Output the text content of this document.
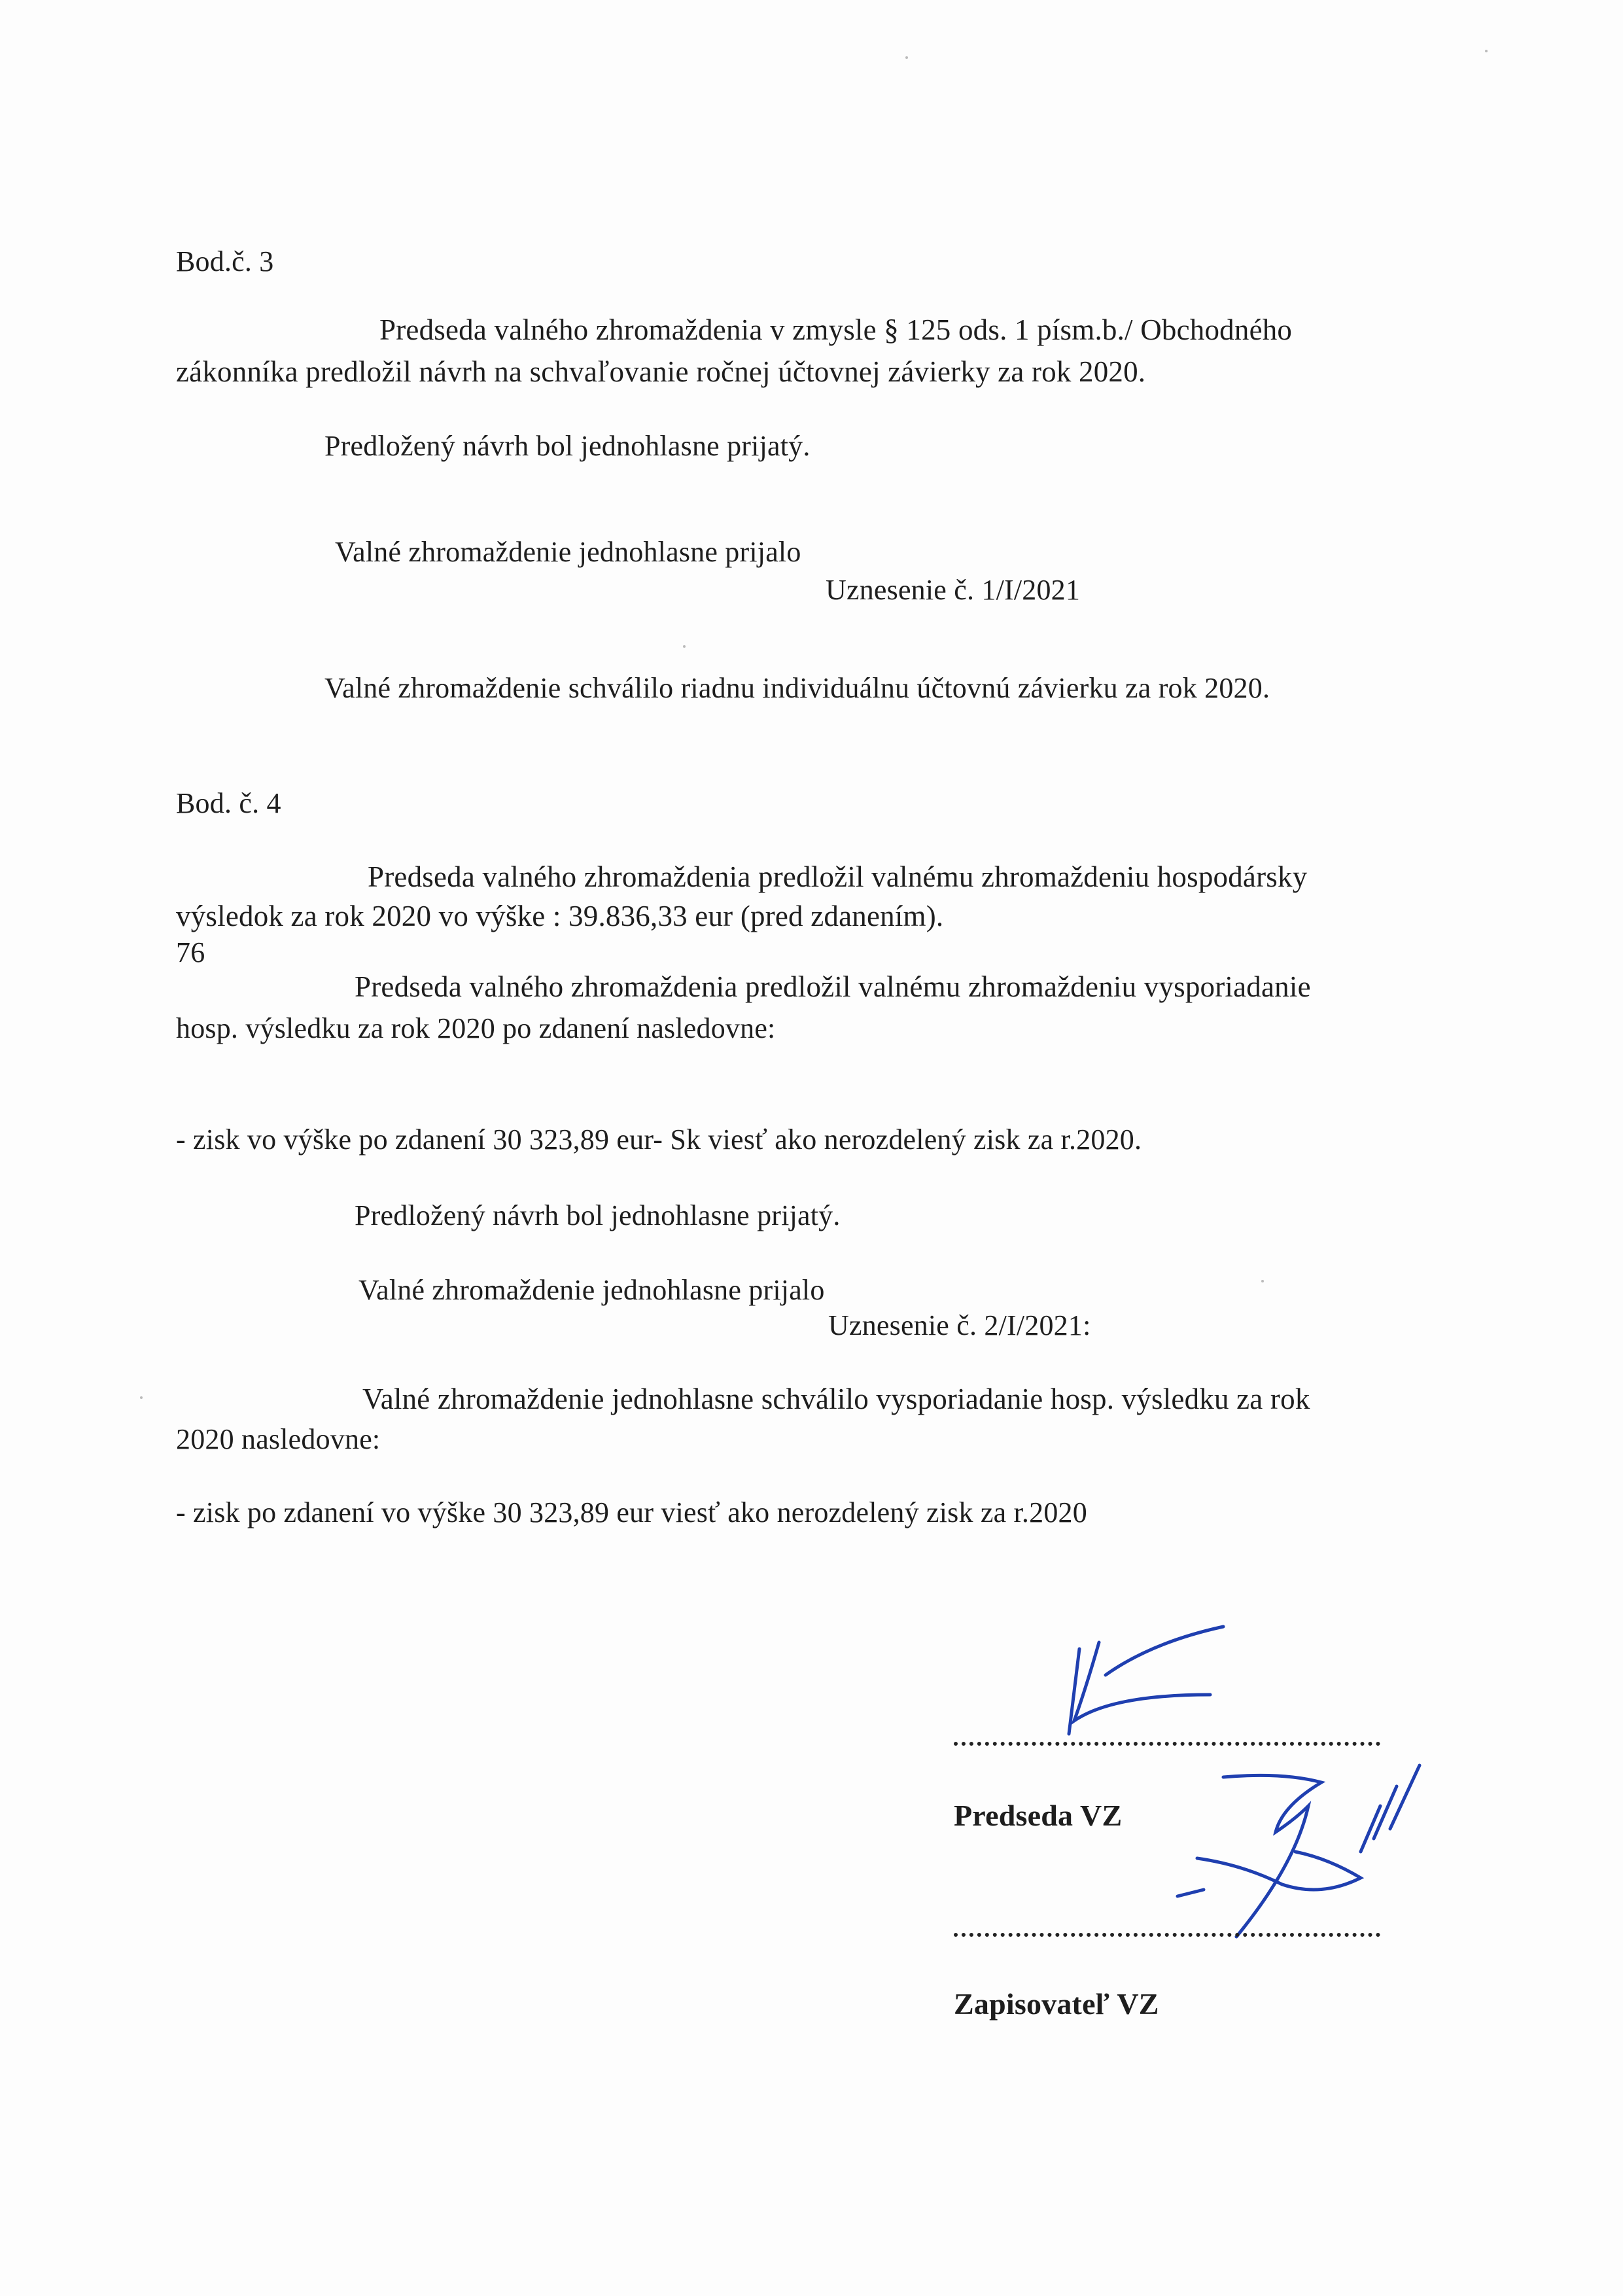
Bod.č. 3
Predseda valného zhromaždenia v zmysle § 125 ods. 1 písm.b./ Obchodného
zákonníka predložil návrh na schvaľovanie ročnej účtovnej závierky za rok 2020.
Predložený návrh bol jednohlasne prijatý.
Valné zhromaždenie jednohlasne prijalo
Uznesenie č. 1/I/2021
Valné zhromaždenie schválilo riadnu individuálnu účtovnú závierku za rok 2020.
Bod. č. 4
Predseda valného zhromaždenia predložil valnému zhromaždeniu hospodársky
výsledok za rok 2020 vo výške : 39.836,33 eur (pred zdanením).
76
Predseda valného zhromaždenia predložil valnému zhromaždeniu vysporiadanie
hosp. výsledku za rok 2020 po zdanení nasledovne:
- zisk vo výške po zdanení 30 323,89 eur- Sk viesť ako nerozdelený zisk za r.2020.
Predložený návrh bol jednohlasne prijatý.
Valné zhromaždenie jednohlasne prijalo
Uznesenie č. 2/I/2021:
Valné zhromaždenie jednohlasne schválilo vysporiadanie hosp. výsledku za rok
2020 nasledovne:
- zisk po zdanení vo výške 30 323,89 eur viesť ako nerozdelený zisk za r.2020
Predseda VZ
Zapisovateľ VZ
